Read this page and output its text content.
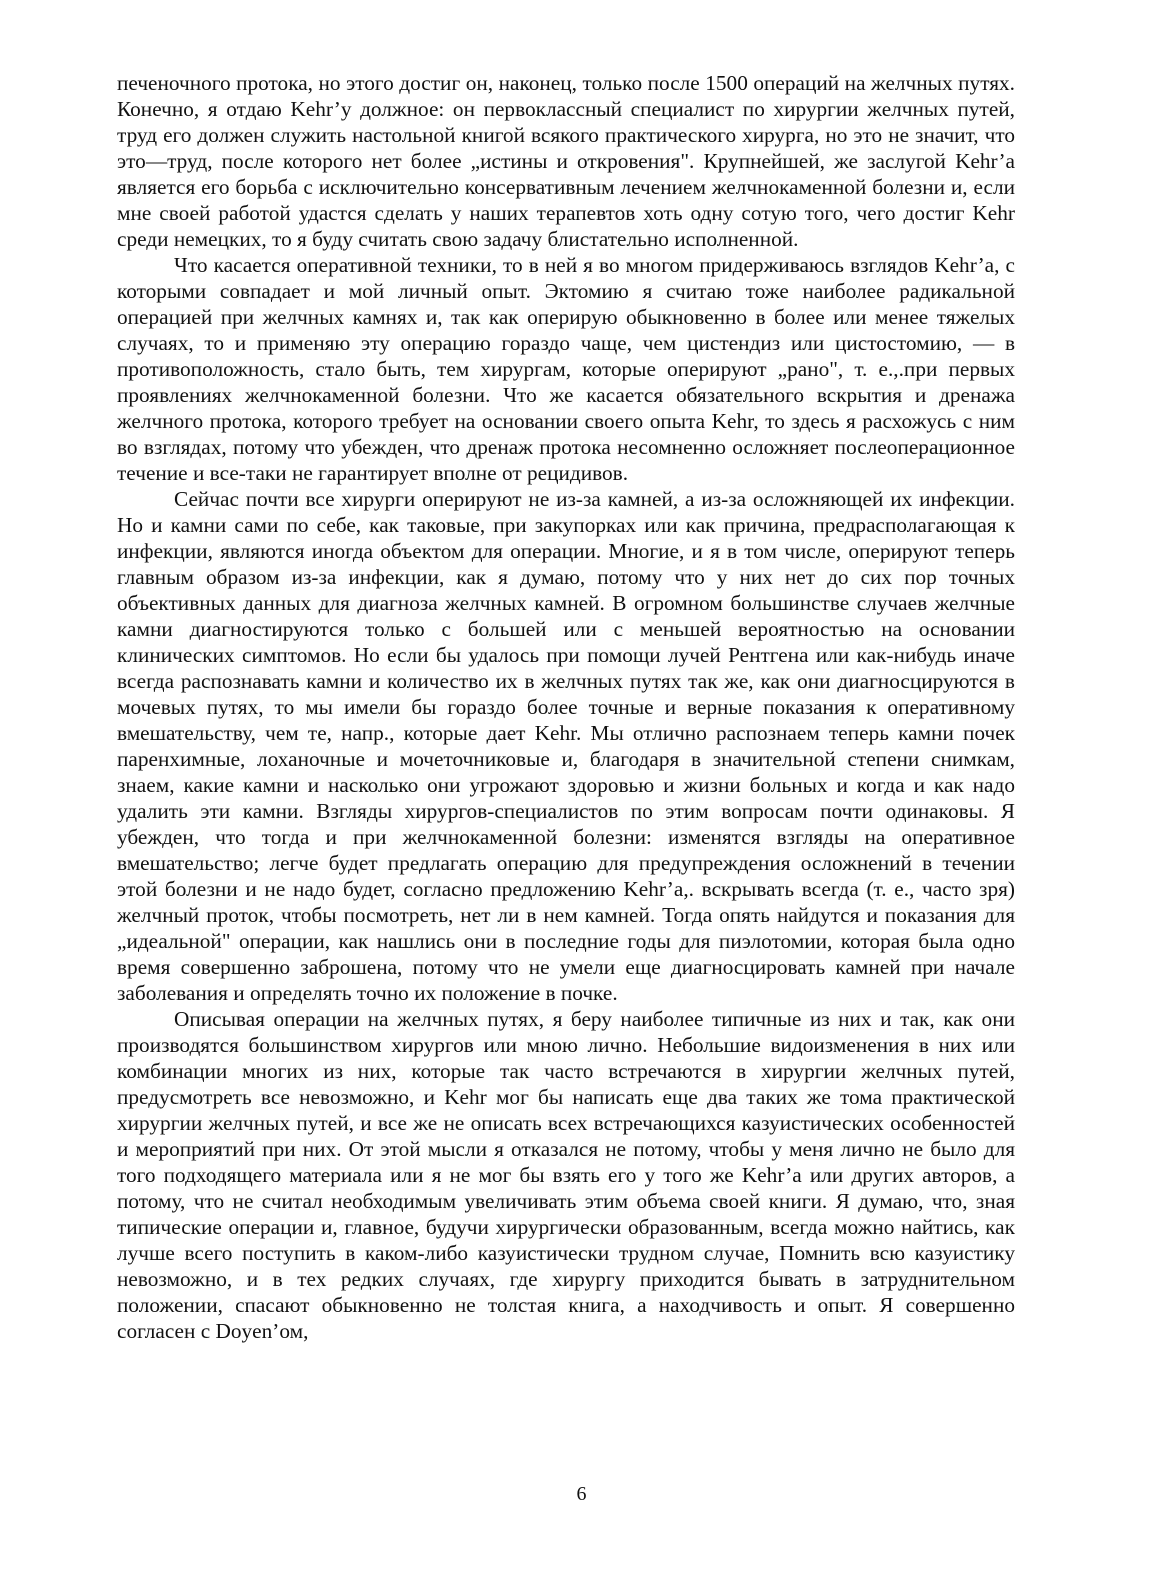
печеночного протока, но этого достиг он, наконец, только после 1500 операций на желчных путях. Конечно, я отдаю Kehr’у должное: он первоклассный специалист по хирургии желчных путей, труд его должен служить настольной книгой всякого практического хирурга, но это не значит, что это—труд, после которого нет более „истины и откровения". Крупнейшей, же заслугой Kehr’a является его борьба с исключительно консервативным лечением желчнокаменной болезни и, если мне своей работой удастся сделать у наших терапевтов хоть одну сотую того, чего достиг Kehr среди немецких, то я буду считать свою задачу блистательно исполненной.

Что касается оперативной техники, то в ней я во многом придерживаюсь взглядов Kehr’a, с которыми совпадает и мой личный опыт. Эктомию я считаю тоже наиболее радикальной операцией при желчных камнях и, так как оперирую обыкновенно в более или менее тяжелых случаях, то и применяю эту операцию гораздо чаще, чем цистендиз или цистостомию, — в противоположность, стало быть, тем хирургам, которые оперируют „рано", т. е.,.при первых проявлениях желчнокаменной болезни. Что же касается обязательного вскрытия и дренажа желчного протока, которого требует на основании своего опыта Kehr, то здесь я расхожусь с ним во взглядах, потому что убежден, что дренаж протока несомненно осложняет послеоперационное течение и все-таки не гарантирует вполне от рецидивов.

Сейчас почти все хирурги оперируют не из-за камней, а из-за осложняющей их инфекции. Но и камни сами по себе, как таковые, при закупорках или как причина, предрасполагающая к инфекции, являются иногда объектом для операции. Многие, и я в том числе, оперируют теперь главным образом из-за инфекции, как я думаю, потому что у них нет до сих пор точных объективных данных для диагноза желчных камней. В огромном большинстве случаев желчные камни диагностируются только с большей или с меньшей вероятностью на основании клинических симптомов. Но если бы удалось при помощи лучей Рентгена или как-нибудь иначе всегда распознавать камни и количество их в желчных путях так же, как они диагносцируются в мочевых путях, то мы имели бы гораздо более точные и верные показания к оперативному вмешательству, чем те, напр., которые дает Kehr. Мы отлично распознаем теперь камни почек паренхимные, лоханочные и мочеточниковые и, благодаря в значительной степени снимкам, знаем, какие камни и насколько они угрожают здоровью и жизни больных и когда и как надо удалить эти камни. Взгляды хирургов-специалистов по этим вопросам почти одинаковы. Я убежден, что тогда и при желчнокаменной болезни: изменятся взгляды на оперативное вмешательство; легче будет предлагать операцию для предупреждения осложнений в течении этой болезни и не надо будет, согласно предложению Kehr’a,. вскрывать всегда (т. е., часто зря) желчный проток, чтобы посмотреть, нет ли в нем камней. Тогда опять найдутся и показания для „идеальной" операции, как нашлись они в последние годы для пиэлотомии, которая была одно время совершенно заброшена, потому что не умели еще диагносцировать камней при начале заболевания и определять точно их положение в почке.

Описывая операции на желчных путях, я беру наиболее типичные из них и так, как они производятся большинством хирургов или мною лично. Небольшие видоизменения в них или комбинации многих из них, которые так часто встречаются в хирургии желчных путей, предусмотреть все невозможно, и Kehr мог бы написать еще два таких же тома практической хирургии желчных путей, и все же не описать всех встречающихся казуистических особенностей и мероприятий при них. От этой мысли я отказался не потому, чтобы у меня лично не было для того подходящего материала или я не мог бы взять его у того же Kehr’a или других авторов, а потому, что не считал необходимым увеличивать этим объема своей книги. Я думаю, что, зная типические операции и, главное, будучи хирургически образованным, всегда можно найтись, как лучше всего поступить в каком-либо казуистически трудном случае, Помнить всю казуистику невозможно, и в тех редких случаях, где хирургу приходится бывать в затруднительном положении, спасают обыкновенно не толстая книга, а находчивость и опыт. Я совершенно согласен с Doyen’ом,

6
